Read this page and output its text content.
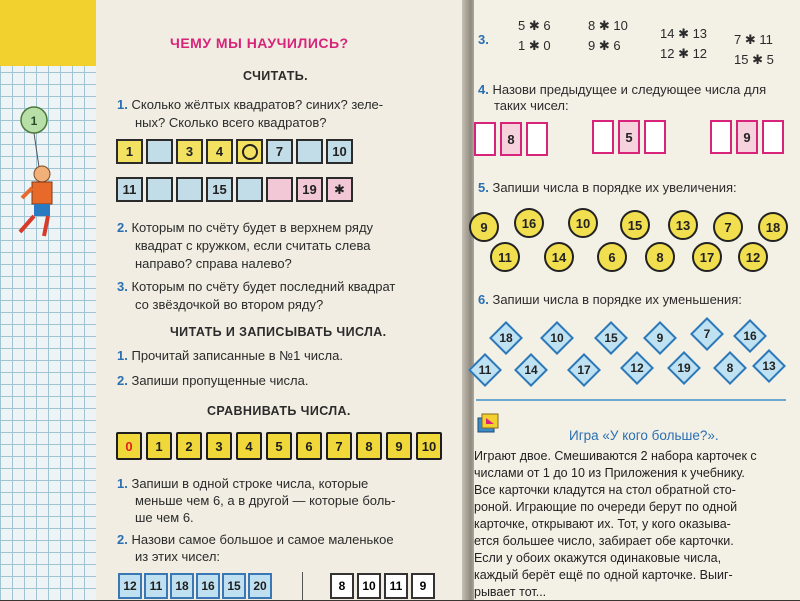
1
ЧЕМУ МЫ НАУЧИЛИСЬ?
СЧИТАТЬ.
1. Сколько жёлтых квадратов? синих? зеле-
ных? Сколько всего квадратов?
1	3	4	7	10
11	15	19	✱
2. Которым по счёту будет в верхнем ряду
квадрат с кружком, если считать слева
направо? справа налево?
3. Которым по счёту будет последний квадрат
со звёздочкой во втором ряду?
ЧИТАТЬ И ЗАПИСЫВАТЬ ЧИСЛА.
1. Прочитай записанные в №1 числа.
2. Запиши пропущенные числа.
СРАВНИВАТЬ ЧИСЛА.
0	1	2	3	4	5	6	7	8	9	10
1. Запиши в одной строке числа, которые
меньше чем 6, а в другой — которые боль-
ше чем 6.
2. Назови самое большое и самое маленькое
из этих чисел:
12	11	18	16	15	20	8	10	11	9
3.
5 ✱ 6
1 ✱ 0
8 ✱ 10
9 ✱ 6
14 ✱ 13
12 ✱ 12
7 ✱ 11
15 ✱ 5
4. Назови предыдущее и следующее числа для
таких чисел:
8	5	9
5. Запиши числа в порядке их увеличения:
9	16	10	15	13	7	18
11	14	6	8	17	12
6. Запиши числа в порядке их уменьшения:
18	10	15	9	7	16
11	14	17	12	19	8	13
Игра «У кого больше?».
Играют двое. Смешиваются 2 набора карточек с
числами от 1 до 10 из Приложения к учебнику.
Все карточки кладутся на стол обратной сто-
роной. Играющие по очереди берут по одной
карточке, открывают их. Тот, у кого оказыва-
ется большее число, забирает обе карточки.
Если у обоих окажутся одинаковые числа,
каждый берёт ещё по одной карточке. Выиг-
рывает тот...
